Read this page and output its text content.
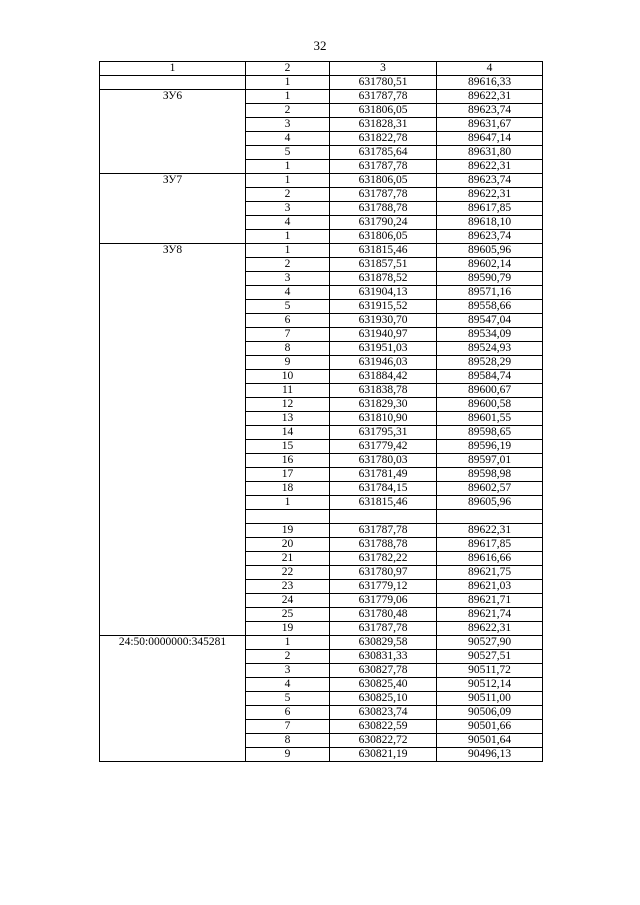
32
1	2	3	4
	1	631780,51	89616,33
ЗУ6	1	631787,78	89622,31
	2	631806,05	89623,74
	3	631828,31	89631,67
	4	631822,78	89647,14
	5	631785,64	89631,80
	1	631787,78	89622,31
ЗУ7	1	631806,05	89623,74
	2	631787,78	89622,31
	3	631788,78	89617,85
	4	631790,24	89618,10
	1	631806,05	89623,74
ЗУ8	1	631815,46	89605,96
	2	631857,51	89602,14
	3	631878,52	89590,79
	4	631904,13	89571,16
	5	631915,52	89558,66
	6	631930,70	89547,04
	7	631940,97	89534,09
	8	631951,03	89524,93
	9	631946,03	89528,29
	10	631884,42	89584,74
	11	631838,78	89600,67
	12	631829,30	89600,58
	13	631810,90	89601,55
	14	631795,31	89598,65
	15	631779,42	89596,19
	16	631780,03	89597,01
	17	631781,49	89598,98
	18	631784,15	89602,57
	1	631815,46	89605,96

	19	631787,78	89622,31
	20	631788,78	89617,85
	21	631782,22	89616,66
	22	631780,97	89621,75
	23	631779,12	89621,03
	24	631779,06	89621,71
	25	631780,48	89621,74
	19	631787,78	89622,31
24:50:0000000:345281	1	630829,58	90527,90
	2	630831,33	90527,51
	3	630827,78	90511,72
	4	630825,40	90512,14
	5	630825,10	90511,00
	6	630823,74	90506,09
	7	630822,59	90501,66
	8	630822,72	90501,64
	9	630821,19	90496,13
